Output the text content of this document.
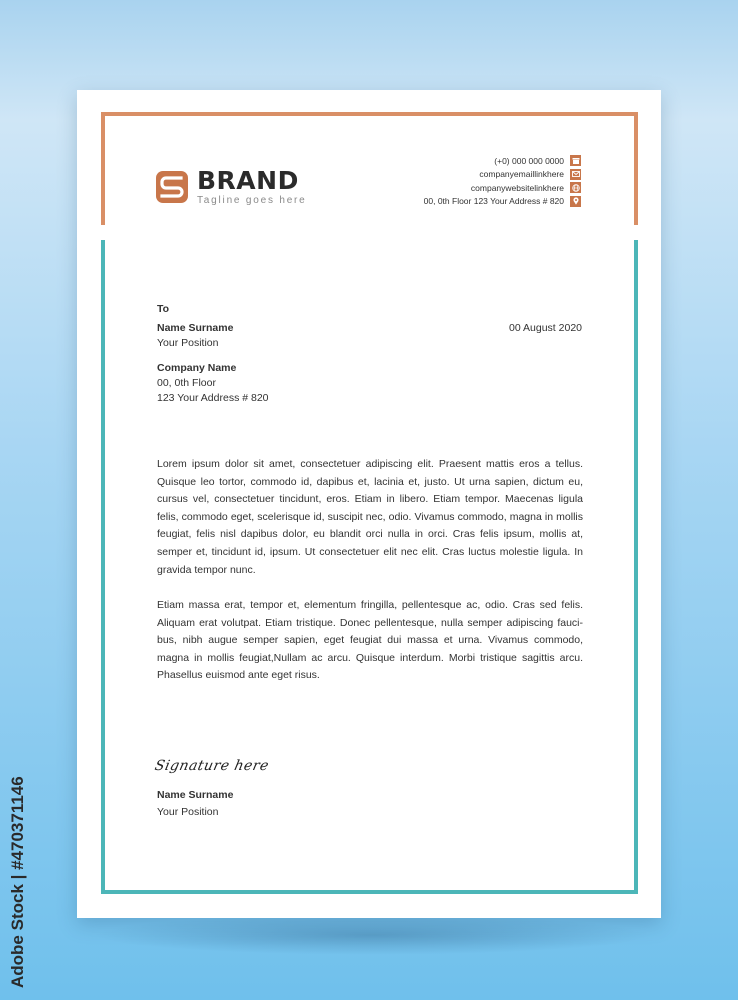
BRAND
Tagline goes here
(+0) 000 000 0000
companyemaillinkhere
companywebsitelinkhere
00, 0th Floor 123 Your Address # 820
To
Name Surname
Your Position
Company Name
00, 0th Floor
123 Your Address # 820
00 August 2020
Lorem ipsum dolor sit amet, consectetuer adipiscing elit. Praesent mattis eros a tellus. Quisque leo tortor, commodo id, dapibus et, lacinia et, justo. Ut urna sapien, dictum eu, cursus vel, consectetuer tincidunt, eros. Etiam in libero. Etiam tempor. Maecenas ligula felis, commodo eget, scelerisque id, suscipit nec, odio. Vivamus commodo, magna in mollis feugiat, felis nisl dapibus dolor, eu blandit orci nulla in orci. Cras felis ipsum, mollis at, semper et, tincidunt id, ipsum. Ut consectetuer elit nec elit. Cras luctus molestie ligula. In gravida tempor nunc.
Etiam massa erat, tempor et, elementum fringilla, pellentesque ac, odio. Cras sed felis. Aliquam erat volutpat. Etiam tristique. Donec pellentesque, nulla semper adipiscing fauci-bus, nibh augue semper sapien, eget feugiat dui massa et urna. Vivamus commodo, magna in mollis feugiat,Nullam ac arcu. Quisque interdum. Morbi tristique sagittis arcu. Phasellus euismod ante eget risus.
Signature here
Name Surname
Your Position
Adobe Stock | #470371146
